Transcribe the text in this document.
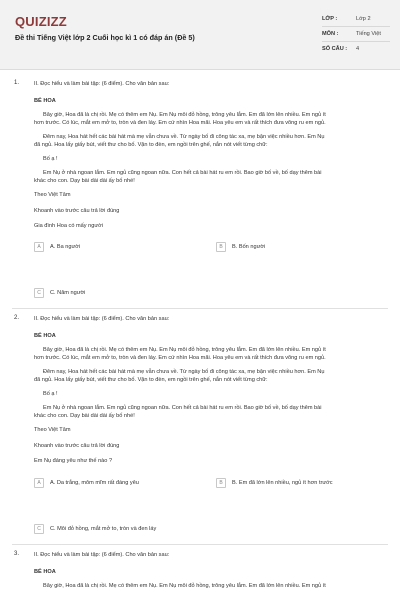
QUIZIZZ
Đề thi Tiếng Việt lớp 2 Cuối học kì 1 có đáp án (Đề 5)
LỚP :	Lớp 2
MÔN :	Tiếng Việt
SỐ CÂU : 4
1.	II. Đọc hiểu và làm bài tập: (6 điểm). Cho văn bản sau:
BÉ HOA
Bây giờ, Hoa đã là chị rồi. Mẹ có thêm em Nụ. Em Nụ môi đỏ hồng, trông yêu lắm. Em đã lớn lên nhiều. Em ngủ ít
hơn trước. Có lúc, mắt em mở to, tròn và đen láy. Em cứ nhìn Hoa mãi. Hoa yêu em và rất thích đưa võng ru em ngủ.
Đêm nay, Hoa hát hết các bài hát mà mẹ vẫn chưa về. Từ ngày bố đi công tác xa, mẹ bận việc nhiều hơn. Em Nụ
đã ngủ. Hoa lấy giấy bút, viết thư cho bố. Vặn to đèn, em ngồi trên ghế, nắn nót viết từng chữ:
Bố ạ !
Em Nụ ở nhà ngoan lắm. Em ngủ cũng ngoan nữa. Con hết cả bài hát ru em rồi. Bao giờ bố về, bố dạy thêm bài
khác cho con. Dạy bài dài dài ấy bố nhé!
Theo Việt Tâm
Khoanh vào trước câu trả lời đúng
Gia đình Hoa có mấy người
A	A. Ba người	B	B. Bốn người
C	C. Năm người
2.	II. Đọc hiểu và làm bài tập: (6 điểm). Cho văn bản sau:
BÉ HOA
Bây giờ, Hoa đã là chị rồi. Mẹ có thêm em Nụ. Em Nụ môi đỏ hồng, trông yêu lắm. Em đã lớn lên nhiều. Em ngủ ít
hơn trước. Có lúc, mắt em mở to, tròn và đen láy. Em cứ nhìn Hoa mãi. Hoa yêu em và rất thích đưa võng ru em ngủ.
Đêm nay, Hoa hát hết các bài hát mà mẹ vẫn chưa về. Từ ngày bố đi công tác xa, mẹ bận việc nhiều hơn. Em Nụ
đã ngủ. Hoa lấy giấy bút, viết thư cho bố. Vặn to đèn, em ngồi trên ghế, nắn nót viết từng chữ:
Bố ạ !
Em Nụ ở nhà ngoan lắm. Em ngủ cũng ngoan nữa. Con hết cả bài hát ru em rồi. Bao giờ bố về, bố dạy thêm bài
khác cho con. Dạy bài dài dài ấy bố nhé!
Theo Việt Tâm
Khoanh vào trước câu trả lời đúng
Em Nụ đáng yêu như thế nào ?
A	A. Da trắng, môm mĩm rất đáng yêu	B	B. Em đã lớn lên nhiều, ngủ ít hơn trước
C	C. Môi đỏ hồng, mắt mở to, tròn và đen láy
3.	II. Đọc hiểu và làm bài tập: (6 điểm). Cho văn bản sau:
BÉ HOA
Bây giờ, Hoa đã là chị rồi. Mẹ có thêm em Nụ. Em Nụ môi đỏ hồng, trông yêu lắm. Em đã lớn lên nhiều. Em ngủ ít
